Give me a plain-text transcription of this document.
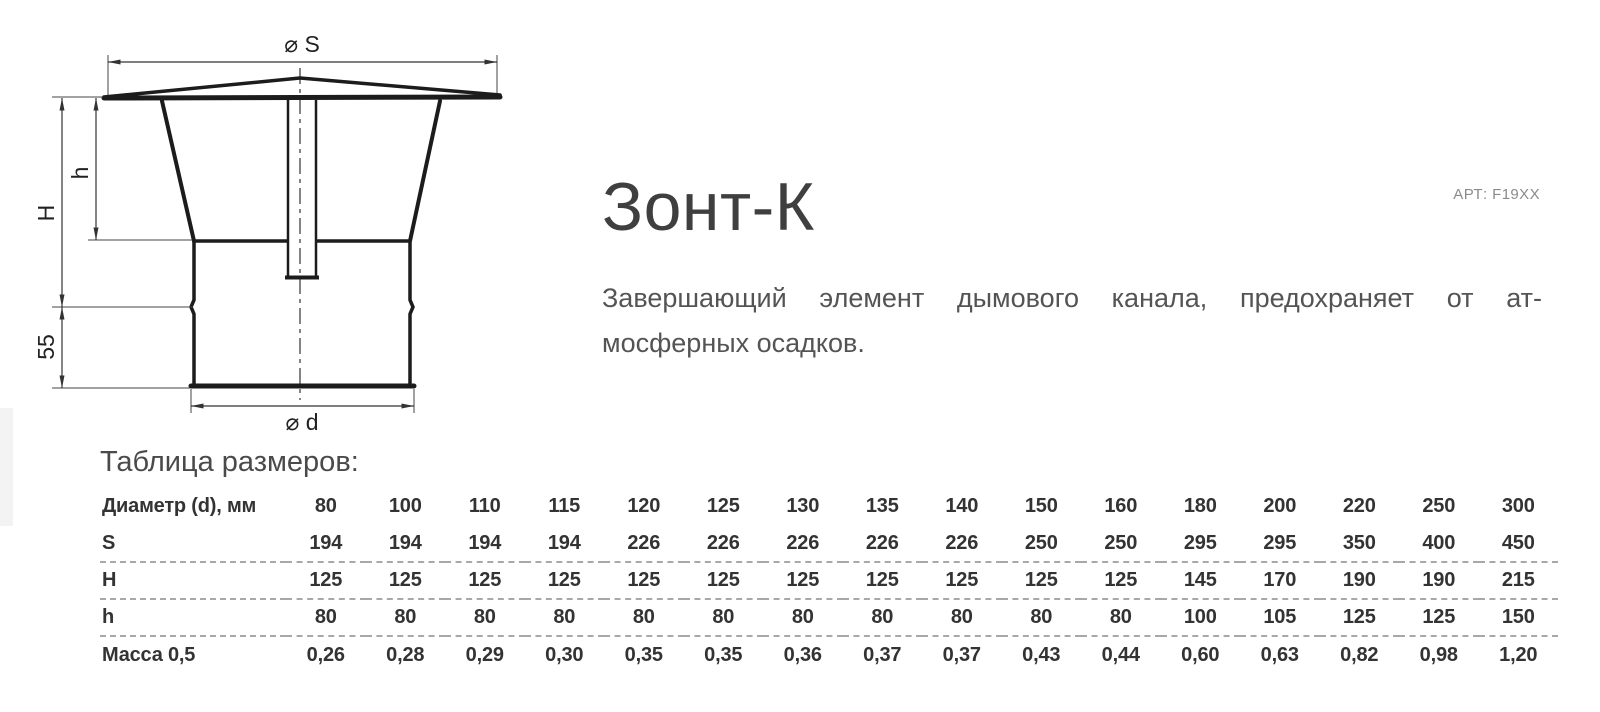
⌀ S
H
h
55
⌀ d
Зонт-К	АРТ: F19XX
Завершающий элемент дымового канала, предохраняет от ат-
мосферных осадков.
Таблица размеров:
Диаметр (d), мм	80	100	110	115	120	125	130	135	140	150	160	180	200	220	250	300
S	194	194	194	194	226	226	226	226	226	250	250	295	295	350	400	450
H	125	125	125	125	125	125	125	125	125	125	125	145	170	190	190	215
h	80	80	80	80	80	80	80	80	80	80	80	100	105	125	125	150
Масса 0,5	0,26	0,28	0,29	0,30	0,35	0,35	0,36	0,37	0,37	0,43	0,44	0,60	0,63	0,82	0,98	1,20
